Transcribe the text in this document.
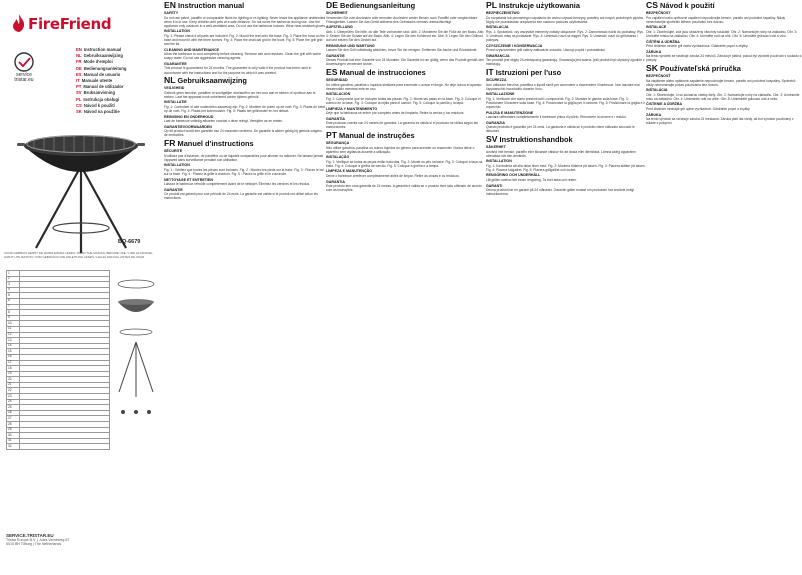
FireFriend
service
tristar.eu
EN Instruction manual
NL Gebruiksaanwijzing
FR Mode d'emploi
DE Bedienungsanleitung
ES Manual de usuario
IT Manuale utente
PT Manual de utilizador
SV Bruksanvisning
PL Instrukcja obsługi
CS Návod k použití
SK Návod na použitie
BQ-6679
VOOR GEBRUIK EERST DE HANDLEIDING LEZEN / READ THE MANUAL BEFORE USE / LIRE LE MANUEL AVANT UTILISATION / VOR GEBRAUCH DIE ANLEITUNG LESEN / LEA EL MANUAL ANTES DE USAR
1	
2	
3	
4	
5	
6	
7	
8	
9	
10	
11	
12	
13	
14	
15	
16	
17	
18	
19	
20	
21	
22	
23	
24	
25	
26	
27	
28	
29	
30	
31	
32	
SERVICE.TRISTAR.EU
Tristar Europe B.V. | Jules Verneweg 87
5015 BH Tilburg | The Netherlands
EN Instruction manual
SAFETY

Do not use petrol, paraffin or comparable fluids for lighting or re-lighting. Never leave the appliance unattended when it is in use. Keep children and pets at a safe distance. Do not move the barbecue during use. Use the appliance only outdoors in a well-ventilated area. Do not use the barbecue indoors. Wear heat-resistant gloves.

INSTALLATION

Fig. 1: Please check if all parts are included. Fig. 2: Mount the feet onto the base. Fig. 3: Place the bowl on the base and mount it with the three screws. Fig. 4: Place the charcoal grid in the bowl. Fig. 5: Place the grill grid and the lid.

CLEANING AND MAINTENANCE

Allow the barbecue to cool completely before cleaning. Remove ash and residues. Clean the grill with warm soapy water. Do not use aggressive cleaning agents.

GUARANTEE

This product is guaranteed for 24 months. The guarantee is only valid if the product has been used in accordance with the instructions and for the purpose for which it was created.

NL Gebruiksaanwijzing
VEILIGHEID

Gebruik geen benzine, paraffine of soortgelijke vloeistoffen om het vuur aan te steken of opnieuw aan te steken. Laat het apparaat nooit onbeheerd achter tijdens gebruik.

INSTALLATIE

Fig. 1: Controleer of alle onderdelen aanwezig zijn. Fig. 2: Monteer de poten op de voet. Fig. 3: Plaats de ketel op de voet. Fig. 4: Plaats het kolenrooster. Fig. 5: Plaats het grillrooster en het deksel.

REINIGING EN ONDERHOUD

Laat de barbecue volledig afkoelen voordat u deze reinigt. Verwijder as en resten.

GARANTIEVOORWAARDEN

Op dit product wordt een garantie van 24 maanden verleend. De garantie is alleen geldig bij gebruik volgens de instructies.

FR Manuel d'instructions
SÉCURITÉ

N'utilisez pas d'essence, de paraffine ou de liquides comparables pour allumer ou rallumer. Ne laissez jamais l'appareil sans surveillance pendant son utilisation.

INSTALLATION

Fig. 1 : Vérifiez que toutes les pièces sont incluses. Fig. 2 : Montez les pieds sur la base. Fig. 3 : Placez le bol sur la base. Fig. 4 : Placez la grille à charbon. Fig. 5 : Placez la grille et le couvercle.

NETTOYAGE ET ENTRETIEN

Laissez le barbecue refroidir complètement avant de le nettoyer. Éliminez les cendres et les résidus.

GARANTIE

Ce produit est garanti pour une période de 24 mois. La garantie est valide si le produit est utilisé selon les instructions.

DE Bedienungsanleitung
SICHERHEIT

Verwenden Sie zum Anzünden oder erneuten Anzünden weder Benzin noch Paraffin oder vergleichbare Flüssigkeiten. Lassen Sie das Gerät während des Gebrauchs niemals unbeaufsichtigt.

AUFSTELLUNG

Abb. 1: Überprüfen Sie bitte, ob alle Teile vorhanden sind. Abb. 2: Montieren Sie die Füße an der Basis. Abb. 3: Setzen Sie die Schale auf die Basis. Abb. 4: Legen Sie den Kohlerost ein. Abb. 5: Legen Sie den Grillrost auf und setzen Sie den Deckel auf.

REINIGUNG UND WARTUNG

Lassen Sie den Grill vollständig abkühlen, bevor Sie ihn reinigen. Entfernen Sie Asche und Rückstände.

GARANTIE

Dieses Produkt hat eine Garantie von 24 Monaten. Die Garantie ist nur gültig, wenn das Produkt gemäß den Anweisungen verwendet wurde.

ES Manual de instrucciones
SEGURIDAD

No utilice gasolina, parafina o líquidos similares para encender o avivar el fuego. No deje nunca el aparato desatendido mientras esté en uso.

INSTALACIÓN

Fig. 1: Compruebe que se incluyen todas las piezas. Fig. 2: Monte las patas en la base. Fig. 3: Coloque el cuenco en la base. Fig. 4: Coloque la rejilla para el carbón. Fig. 5: Coloque la parrilla y la tapa.

LIMPIEZA Y MANTENIMIENTO

Deje que la barbacoa se enfríe por completo antes de limpiarla. Retire la ceniza y los residuos.

GARANTÍA

Este producto cuenta con 24 meses de garantía. La garantía es válida si el producto se utiliza según las instrucciones.

PT Manual de instruções
SEGURANÇA

Não utilize gasolina, parafina ou outros líquidos do género para acender ou reacender. Nunca deixe o aparelho sem vigilância durante a utilização.

INSTALAÇÃO

Fig. 1: Verifique se todas as peças estão incluídas. Fig. 2: Monte os pés na base. Fig. 3: Coloque a taça na base. Fig. 4: Coloque a grelha de carvão. Fig. 5: Coloque a grelha e a tampa.

LIMPEZA E MANUTENÇÃO

Deixe o barbecue arrefecer completamente antes de limpar. Retire as cinzas e os resíduos.

GARANTIA

Este produto tem uma garantia de 24 meses. A garantia é válida se o produto tiver sido utilizado de acordo com as instruções.

PL Instrukcje użytkowania
BEZPIECZEŃSTWO

Do rozpalania lub ponownego rozpalania nie wolno używać benzyny, parafiny ani innych podobnych płynów. Nigdy nie pozostawiać urządzenia bez nadzoru podczas użytkowania.

INSTALACJA

Rys. 1: Sprawdzić, czy wszystkie elementy zostały dołączone. Rys. 2: Zamontować nóżki do podstawy. Rys. 3: Umieścić misę na podstawie. Rys. 4: Umieścić ruszt na węgiel. Rys. 5: Umieścić ruszt do grillowania i pokrywę.

CZYSZCZENIE I KONSERWACJA

Przed czyszczeniem grill należy całkowicie ostudzić. Usunąć popiół i pozostałości.

GWARANCJA

Ten produkt jest objęty 24-miesięczną gwarancją. Gwarancja jest ważna, jeśli produkt był używany zgodnie z instrukcją.

IT Istruzioni per l'uso
SICUREZZA

Non utilizzare benzina, paraffina o liquidi simili per accendere o riaccendere il barbecue. Non lasciare mai l'apparecchio incustodito durante l'uso.

INSTALLAZIONE

Fig. 1: Verificare che siano presenti tutti i componenti. Fig. 2: Montare le gambe sulla base. Fig. 3: Posizionare il braciere sulla base. Fig. 4: Posizionare la griglia per il carbone. Fig. 5: Posizionare la griglia e il coperchio.

PULIZIA E MANUTENZIONE

Lasciare raffreddare completamente il barbecue prima di pulirlo. Rimuovere la cenere e i residui.

GARANZIA

Questo prodotto è garantito per 24 mesi. La garanzia è valida se il prodotto viene utilizzato secondo le istruzioni.

SV Instruktionshandbok
SÄKERHET

Använd inte bensin, paraffin eller liknande vätskor för att tända eller återtända. Lämna aldrig apparaten obevakad när den används.

INSTALLATION

Fig. 1: Kontrollera att alla delar finns med. Fig. 2: Montera fötterna på basen. Fig. 3: Placera skålen på basen. Fig. 4: Placera kolgallret. Fig. 5: Placera grillgallret och locket.

RENGÖRING OCH UNDERHÅLL

Låt grillen svalna helt innan rengöring. Ta bort aska och rester.

GARANTI

Denna produkt har en garanti på 24 månader. Garantin gäller endast om produkten har använts enligt instruktionerna.

CS Návod k použití
BEZPEČNOST

Pro zapálení nebo opětovné zapálení nepoužívejte benzín, parafín ani podobné kapaliny. Nikdy nenechávejte spotřebič během používání bez dozoru.

INSTALACE

Obr. 1: Zkontrolujte, zda jsou obsaženy všechny součásti. Obr. 2: Namontujte nohy na základnu. Obr. 3: Umístěte misku na základnu. Obr. 4: Umístěte rošt na uhlí. Obr. 5: Umístěte grilovací rošt a víko.

ČIŠTĚNÍ A ÚDRŽBA

Před čištěním nechte gril zcela vychladnout. Odstraňte popel a zbytky.

ZÁRUKA

Na tento výrobek se vztahuje záruka 24 měsíců. Záruka je platná, pokud byl výrobek používán v souladu s pokyny.

SK Používateľská príručka
BEZPEČNOSŤ

Na zapálenie alebo opätovné zapálenie nepoužívajte benzín, parafín ani podobné kvapaliny. Spotrebič nikdy nenechávajte počas používania bez dozoru.

INŠTALÁCIA

Obr. 1: Skontrolujte, či sú súčasťou všetky diely. Obr. 2: Namontujte nohy na základňu. Obr. 3: Umiestnite misu na základňu. Obr. 4: Umiestnite rošt na uhlie. Obr. 5: Umiestnite grilovací rošt a veko.

ČISTENIE A ÚDRŽBA

Pred čistením nechajte gril úplne vychladnúť. Odstráňte popol a zvyšky.

ZÁRUKA

Na tento výrobok sa vzťahuje záruka 24 mesiacov. Záruka platí iba vtedy, ak bol výrobok používaný v súlade s pokynmi.
